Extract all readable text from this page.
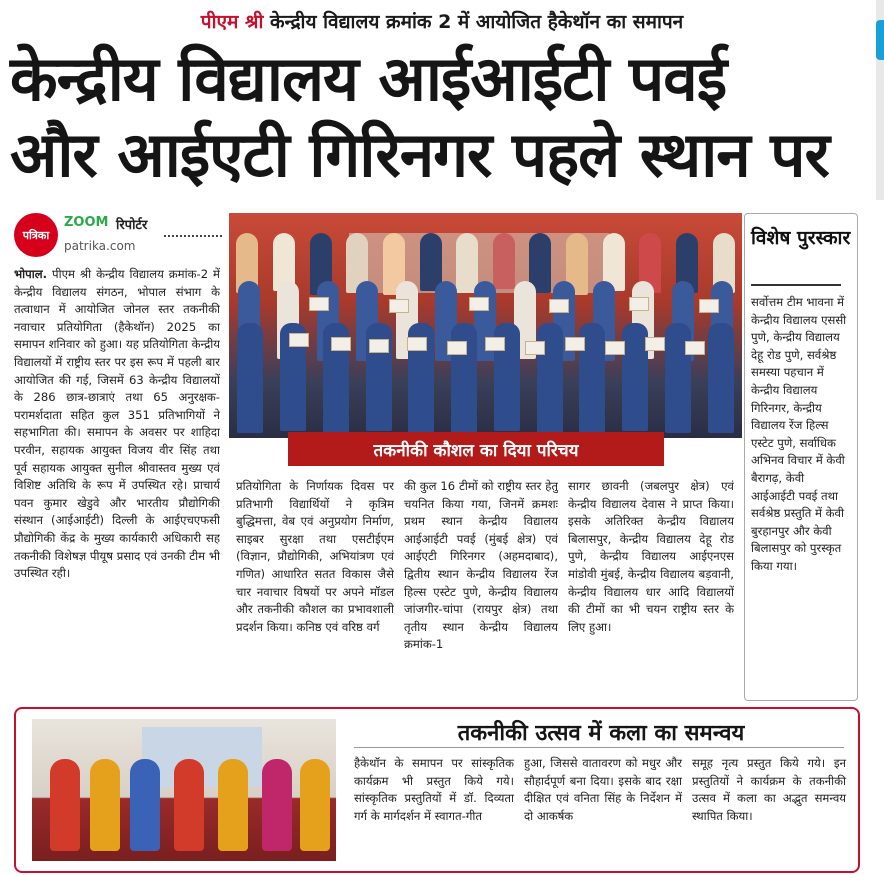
पीएम श्री केन्द्रीय विद्यालय क्रमांक 2 में आयोजित हैकेथॉन का समापन
केन्द्रीय विद्यालय आईआईटी पवई
और आईएटी गिरिनगर पहले स्थान पर
पत्रिका
ZOOM रिपोर्टर
patrika.com
भोपाल. पीएम श्री केन्द्रीय विद्यालय क्रमांक-2 में केन्द्रीय विद्यालय संगठन, भोपाल संभाग के तत्वाधान में आयोजित जोनल स्तर तकनीकी नवाचार प्रतियोगिता (हैकेथॉन) 2025 का समापन शनिवार को हुआ। यह प्रतियोगिता केन्द्रीय विद्यालयों में राष्ट्रीय स्तर पर इस रूप में पहली बार आयोजित की गई, जिसमें 63 केन्द्रीय विद्यालयों के 286 छात्र-छात्राएं तथा 65 अनुरक्षक-परामर्शदाता सहित कुल 351 प्रतिभागियों ने सहभागिता की। समापन के अवसर पर शाहिदा परवीन, सहायक आयुक्त विजय वीर सिंह तथा पूर्व सहायक आयुक्त सुनील श्रीवास्तव मुख्य एवं विशिष्ट अतिथि के रूप में उपस्थित रहे। प्राचार्य पवन कुमार खेडुवे और भारतीय प्रौद्योगिकी संस्थान (आईआईटी) दिल्ली के आईएचएफसी प्रौद्योगिकी केंद्र के मुख्य कार्यकारी अधिकारी सह तकनीकी विशेषज्ञ पीयूष प्रसाद एवं उनकी टीम भी उपस्थित रही।
तकनीकी कौशल का दिया परिचय
प्रतियोगिता के निर्णायक दिवस पर प्रतिभागी विद्यार्थियों ने कृत्रिम बुद्धिमत्ता, वेब एवं अनुप्रयोग निर्माण, साइबर सुरक्षा तथा एसटीईएम (विज्ञान, प्रौद्योगिकी, अभियांत्रण एवं गणित) आधारित सतत विकास जैसे चार नवाचार विषयों पर अपने मॉडल और तकनीकी कौशल का प्रभावशाली प्रदर्शन किया। कनिष्ठ एवं वरिष्ठ वर्ग
की कुल 16 टीमों को राष्ट्रीय स्तर हेतु चयनित किया गया, जिनमें क्रमशः प्रथम स्थान केन्द्रीय विद्यालय आईआईटी पवई (मुंबई क्षेत्र) एवं आईएटी गिरिनगर (अहमदाबाद), द्वितीय स्थान केन्द्रीय विद्यालय रेंज हिल्स एस्टेट पुणे, केन्द्रीय विद्यालय जांजगीर-चांपा (रायपुर क्षेत्र) तथा तृतीय स्थान केन्द्रीय विद्यालय क्रमांक-1
सागर छावनी (जबलपुर क्षेत्र) एवं केन्द्रीय विद्यालय देवास ने प्राप्त किया। इसके अतिरिक्त केन्द्रीय विद्यालय बिलासपुर, केन्द्रीय विद्यालय देहू रोड पुणे, केन्द्रीय विद्यालय आईएनएस मांडोवी मुंबई, केन्द्रीय विद्यालय बड़वानी, केन्द्रीय विद्यालय धार आदि विद्यालयों की टीमों का भी चयन राष्ट्रीय स्तर के लिए हुआ।
विशेष पुरस्कार
सर्वोत्तम टीम भावना में केन्द्रीय विद्यालय एससी पुणे, केन्द्रीय विद्यालय देहू रोड पुणे, सर्वश्रेष्ठ समस्या पहचान में केन्द्रीय विद्यालय गिरिनगर, केन्द्रीय विद्यालय रेंज हिल्स एस्टेट पुणे, सर्वाधिक अभिनव विचार में केवी बैरागढ़, केवी आईआईटी पवई तथा सर्वश्रेष्ठ प्रस्तुति में केवी बुरहानपुर और केवी बिलासपुर को पुरस्कृत किया गया।
तकनीकी उत्सव में कला का समन्वय
हैकेथॉन के समापन पर सांस्कृतिक कार्यक्रम भी प्रस्तुत किये गये। सांस्कृतिक प्रस्तुतियों में डॉ. दिव्यता गर्ग के मार्गदर्शन में स्वागत-गीत
हुआ, जिससे वातावरण को मधुर और सौहार्दपूर्ण बना दिया। इसके बाद रक्षा दीक्षित एवं वनिता सिंह के निर्देशन में दो आकर्षक
समूह नृत्य प्रस्तुत किये गये। इन प्रस्तुतियों ने कार्यक्रम के तकनीकी उत्सव में कला का अद्भुत समन्वय स्थापित किया।
